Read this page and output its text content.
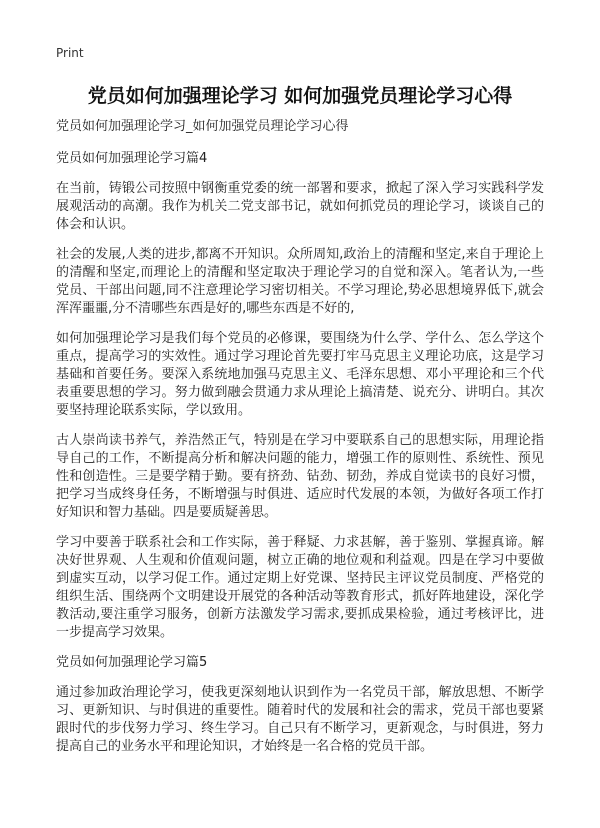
Print
党员如何加强理论学习 如何加强党员理论学习心得

党员如何加强理论学习_如何加强党员理论学习心得

党员如何加强理论学习篇4

在当前，铸锻公司按照中钢衡重党委的统一部署和要求，掀起了深入学习实践科学发展观活动的高潮。我作为机关二党支部书记，就如何抓党员的理论学习，谈谈自己的体会和认识。

社会的发展,人类的进步,都离不开知识。众所周知,政治上的清醒和坚定,来自于理论上的清醒和坚定,而理论上的清醒和坚定取决于理论学习的自觉和深入。笔者认为,一些党员、干部出问题,同不注意理论学习密切相关。不学习理论,势必思想境界低下,就会浑浑噩噩,分不清哪些东西是好的,哪些东西是不好的,

如何加强理论学习是我们每个党员的必修课，要围绕为什么学、学什么、怎么学这个重点，提高学习的实效性。通过学习理论首先要打牢马克思主义理论功底，这是学习基础和首要任务。要深入系统地加强马克思主义、毛泽东思想、邓小平理论和三个代表重要思想的学习。努力做到融会贯通力求从理论上搞清楚、说充分、讲明白。其次要坚持理论联系实际，学以致用。

古人崇尚读书养气，养浩然正气，特别是在学习中要联系自己的思想实际，用理论指导自己的工作，不断提高分析和解决问题的能力，增强工作的原则性、系统性、预见性和创造性。三是要学精于勤。要有挤劲、钻劲、韧劲，养成自觉读书的良好习惯，把学习当成终身任务，不断增强与时俱进、适应时代发展的本领，为做好各项工作打好知识和智力基础。四是要质疑善思。

学习中要善于联系社会和工作实际，善于释疑、力求甚解，善于鉴别、掌握真谛。解决好世界观、人生观和价值观问题，树立正确的地位观和利益观。四是在学习中要做到虚实互动，以学习促工作。通过定期上好党课、坚持民主评议党员制度、严格党的组织生活、围绕两个文明建设开展党的各种活动等教育形式，抓好阵地建设，深化学教活动,要注重学习服务，创新方法激发学习需求,要抓成果检验，通过考核评比，进一步提高学习效果。

党员如何加强理论学习篇5

通过参加政治理论学习，使我更深刻地认识到作为一名党员干部，解放思想、不断学习、更新知识、与时俱进的重要性。随着时代的发展和社会的需求，党员干部也要紧跟时代的步伐努力学习、终生学习。自己只有不断学习，更新观念，与时俱进，努力提高自己的业务水平和理论知识，才始终是一名合格的党员干部。
